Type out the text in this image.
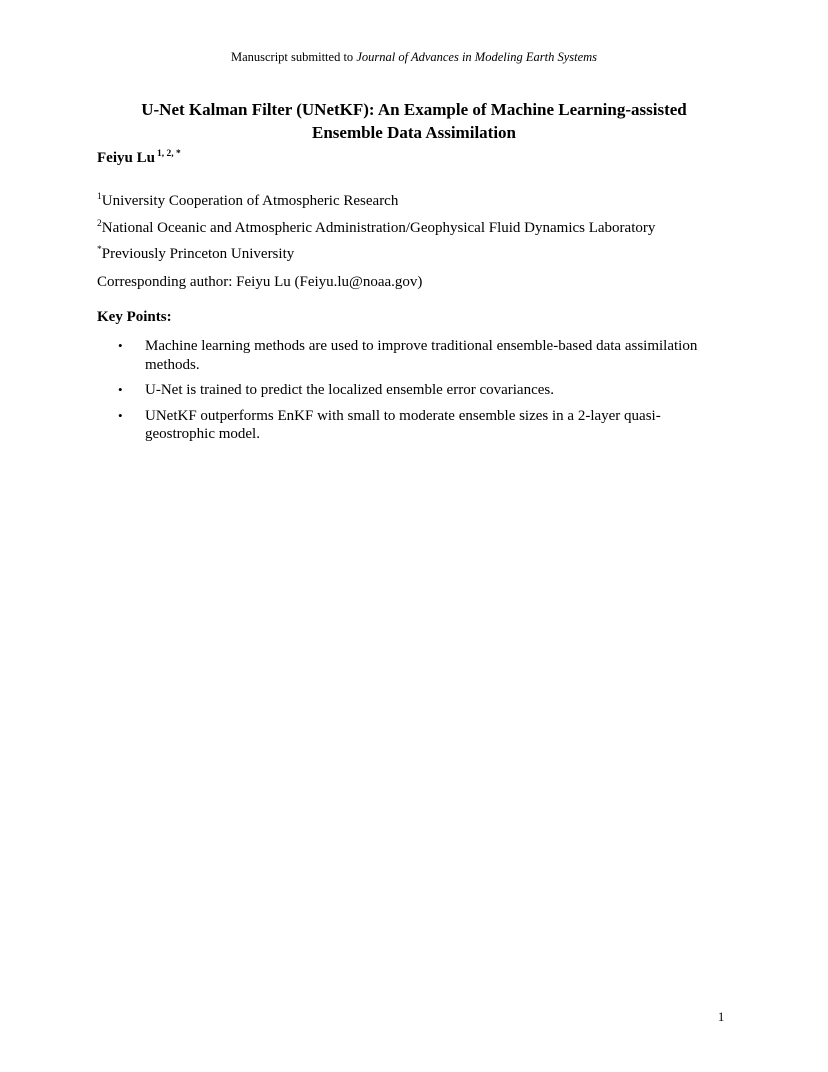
Manuscript submitted to Journal of Advances in Modeling Earth Systems
U-Net Kalman Filter (UNetKF): An Example of Machine Learning-assisted
Ensemble Data Assimilation
Feiyu Lu $^{1, 2, *}$
$^1$University Cooperation of Atmospheric Research
$^2$National Oceanic and Atmospheric Administration/Geophysical Fluid Dynamics Laboratory
*Previously Princeton University
Corresponding author: Feiyu Lu (Feiyu.lu@noaa.gov)
Key Points:
• Machine learning methods are used to improve traditional ensemble-based data assimilation methods.
• U-Net is trained to predict the localized ensemble error covariances.
• UNetKF outperforms EnKF with small to moderate ensemble sizes in a 2-layer quasi-geostrophic model.
1
